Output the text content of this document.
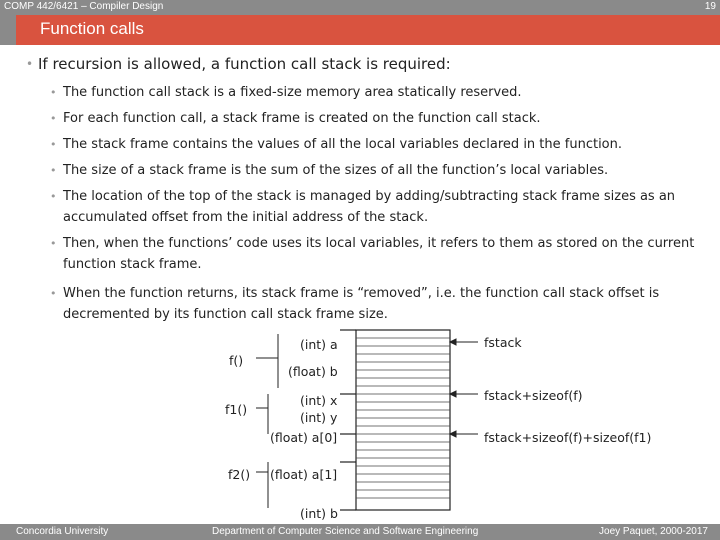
COMP 442/6421 – Compiler Design	19
Function calls
• If recursion is allowed, a function call stack is required:
• The function call stack is a fixed-size memory area statically reserved.
• For each function call, a stack frame is created on the function call stack.
• The stack frame contains the values of all the local variables declared in the function.
• The size of a stack frame is the sum of the sizes of all the function’s local variables.
• The location of the top of the stack is managed by adding/subtracting stack frame sizes as an accumulated offset from the initial address of the stack.
• Then, when the functions’ code uses its local variables, it refers to them as stored on the current function stack frame.
• When the function returns, its stack frame is “removed”, i.e. the function call stack offset is decremented by its function call stack frame size.
f()
f1()
f2()
(int) a
(float) b
(int) x
(int) y
(float) a[0]
(float) a[1]
(int) b
fstack
fstack+sizeof(f)
fstack+sizeof(f)+sizeof(f1)
Concordia University	Department of Computer Science and Software Engineering	Joey Paquet, 2000-2017
